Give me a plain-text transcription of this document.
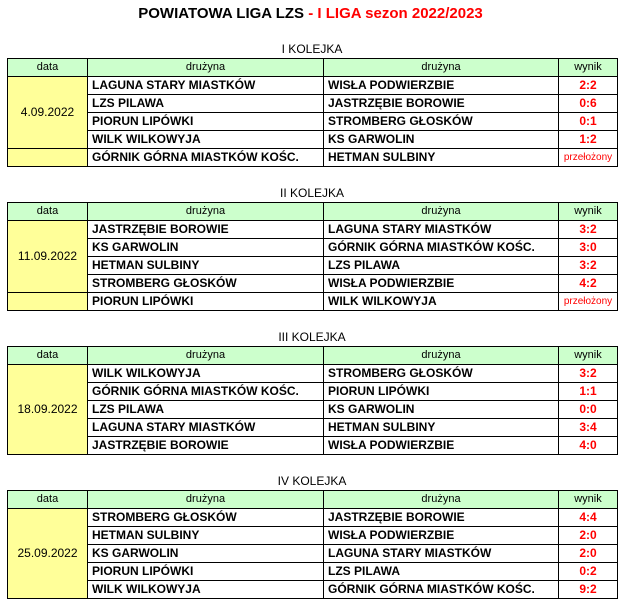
POWIATOWA LIGA LZS - I LIGA sezon 2022/2023
I KOLEJKA
data	drużyna	drużyna	wynik
4.09.2022	LAGUNA STARY MIASTKÓW	WISŁA PODWIERZBIE	2:2
	LZS PILAWA	JASTRZĘBIE BOROWIE	0:6
	PIORUN LIPÓWKI	STROMBERG GŁOSKÓW	0:1
	WILK WILKOWYJA	KS GARWOLIN	1:2
	GÓRNIK GÓRNA MIASTKÓW KOŚC.	HETMAN SULBINY	przełożony
II KOLEJKA
data	drużyna	drużyna	wynik
11.09.2022	JASTRZĘBIE BOROWIE	LAGUNA STARY MIASTKÓW	3:2
	KS GARWOLIN	GÓRNIK GÓRNA MIASTKÓW KOŚC.	3:0
	HETMAN SULBINY	LZS PILAWA	3:2
	STROMBERG GŁOSKÓW	WISŁA PODWIERZBIE	4:2
	PIORUN LIPÓWKI	WILK WILKOWYJA	przełożony
III KOLEJKA
data	drużyna	drużyna	wynik
18.09.2022	WILK WILKOWYJA	STROMBERG GŁOSKÓW	3:2
	GÓRNIK GÓRNA MIASTKÓW KOŚC.	PIORUN LIPÓWKI	1:1
	LZS PILAWA	KS GARWOLIN	0:0
	LAGUNA STARY MIASTKÓW	HETMAN SULBINY	3:4
	JASTRZĘBIE BOROWIE	WISŁA PODWIERZBIE	4:0
IV KOLEJKA
data	drużyna	drużyna	wynik
25.09.2022	STROMBERG GŁOSKÓW	JASTRZĘBIE BOROWIE	4:4
	HETMAN SULBINY	WISŁA PODWIERZBIE	2:0
	KS GARWOLIN	LAGUNA STARY MIASTKÓW	2:0
	PIORUN LIPÓWKI	LZS PILAWA	0:2
	WILK WILKOWYJA	GÓRNIK GÓRNA MIASTKÓW KOŚC.	9:2
